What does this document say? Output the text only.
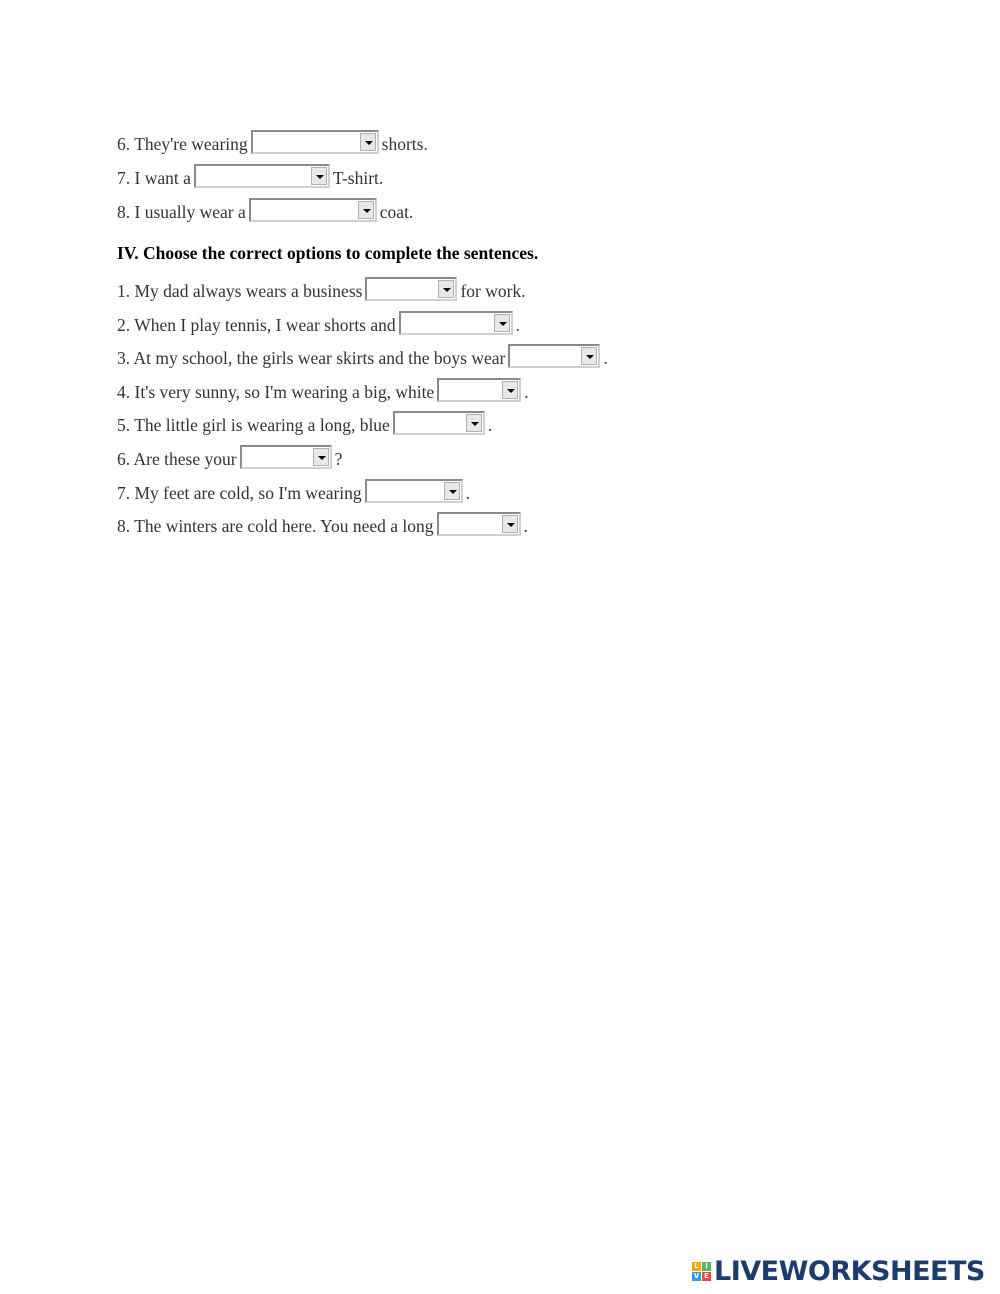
6. They're wearing	shorts.
7. I want a	T-shirt.
8. I usually wear a	coat.
IV. Choose the correct options to complete the sentences.
1. My dad always wears a business	for work.
2. When I play tennis, I wear shorts and	.
3. At my school, the girls wear skirts and the boys wear	.
4. It's very sunny, so I'm wearing a big, white	.
5. The little girl is wearing a long, blue	.
6. Are these your	?
7. My feet are cold, so I'm wearing	.
8. The winters are cold here. You need a long	.
L I
V E LIVEWORKSHEETS
